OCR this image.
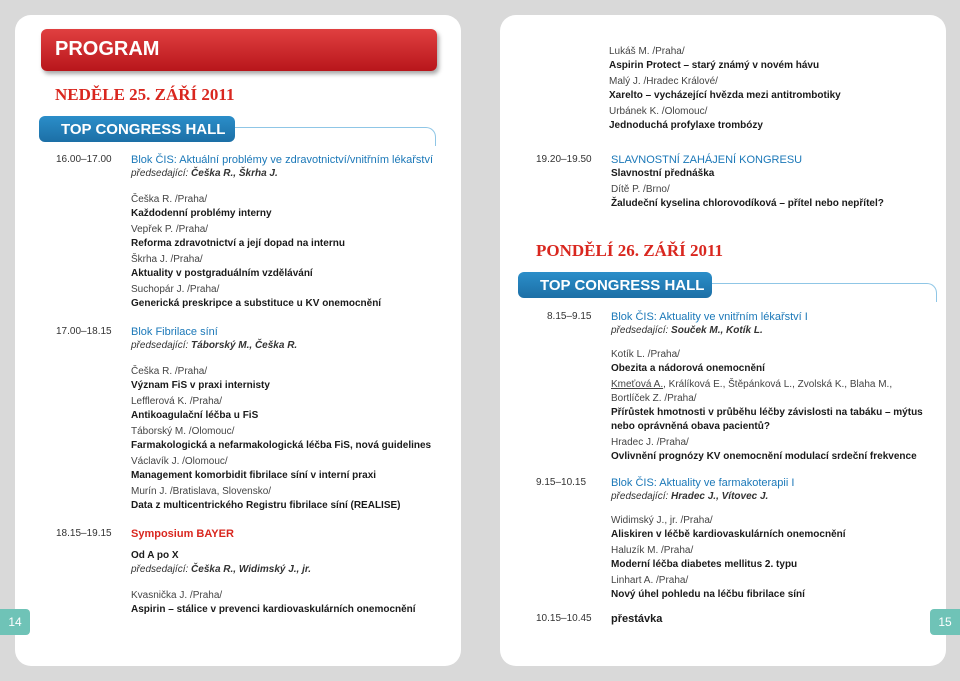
PROGRAM
NEDĚLE 25. ZÁŘÍ 2011
TOP CONGRESS HALL
16.00–17.00	Blok ČIS: Aktuální problémy ve zdravotnictví/vnitřním lékařství
předsedající: Češka R., Škrha J.
Češka R. /Praha/
Každodenní problémy interny
Vepřek P. /Praha/
Reforma zdravotnictví a její dopad na internu
Škrha J. /Praha/
Aktuality v postgraduálním vzdělávání
Suchopár J. /Praha/
Generická preskripce a substituce u KV onemocnění
17.00–18.15	Blok Fibrilace síní
předsedající: Táborský M., Češka R.
Češka R. /Praha/
Význam FiS v praxi internisty
Lefflerová K. /Praha/
Antikoagulační léčba u FiS
Táborský M. /Olomouc/
Farmakologická a nefarmakologická léčba FiS, nová guidelines
Václavík J. /Olomouc/
Management komorbidit fibrilace síní v interní praxi
Murín J. /Bratislava, Slovensko/
Data z multicentrického Registru fibrilace síní (REALISE)
18.15–19.15	Symposium BAYER
Od A po X
předsedající: Češka R., Widimský J., jr.
Kvasnička J. /Praha/
Aspirin – stálice v prevenci kardiovaskulárních onemocnění
14
Lukáš M. /Praha/
Aspirin Protect – starý známý v novém hávu
Malý J. /Hradec Králové/
Xarelto – vycházející hvězda mezi antitrombotiky
Urbánek K. /Olomouc/
Jednoduchá profylaxe trombózy
19.20–19.50	SLAVNOSTNÍ ZAHÁJENÍ KONGRESU
Slavnostní přednáška
Dítě P. /Brno/
Žaludeční kyselina chlorovodíková – přítel nebo nepřítel?
PONDĚLÍ 26. ZÁŘÍ 2011
TOP CONGRESS HALL
8.15–9.15	Blok ČIS: Aktuality ve vnitřním lékařství I
předsedající: Souček M., Kotík L.
Kotík L. /Praha/
Obezita a nádorová onemocnění
Kmeťová A., Králíková E., Štěpánková L., Zvolská K., Blaha M.,
Bortlíček Z. /Praha/
Přírůstek hmotnosti v průběhu léčby závislosti na tabáku – mýtus
nebo oprávněná obava pacientů?
Hradec J. /Praha/
Ovlivnění prognózy KV onemocnění modulací srdeční frekvence
9.15–10.15	Blok ČIS: Aktuality ve farmakoterapii I
předsedající: Hradec J., Vítovec J.
Widimský J., jr. /Praha/
Aliskiren v léčbě kardiovaskulárních onemocnění
Haluzík M. /Praha/
Moderní léčba diabetes mellitus 2. typu
Linhart A. /Praha/
Nový úhel pohledu na léčbu fibrilace síní
10.15–10.45	přestávka	15
